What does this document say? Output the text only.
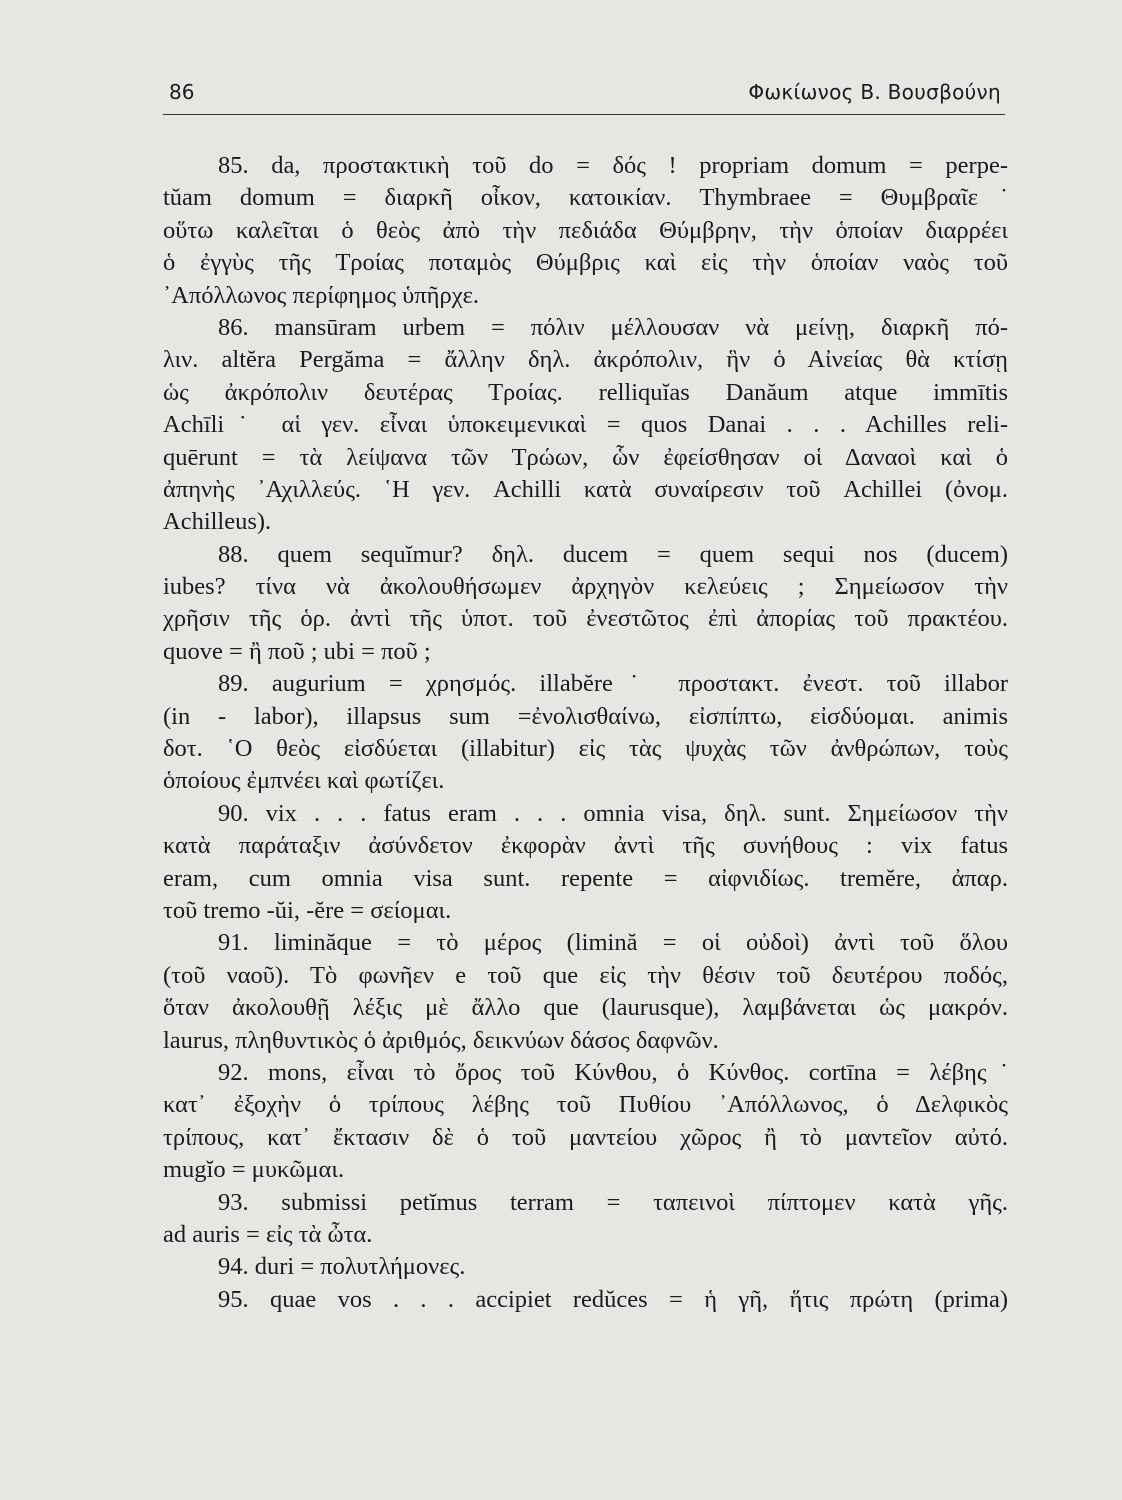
86	Φωκίωνος Β. Βουσβούνη
85. da, προστακτικὴ τοῦ do = δός ! propriam domum = perpe-
tŭam domum = διαρκῆ οἶκον, κατοικίαν. Thymbraee = Θυμβραῖε˙
οὕτω καλεῖται ὁ θεὸς ἀπὸ τὴν πεδιάδα Θύμβρην, τὴν ὁποίαν διαρρέει
ὁ ἐγγὺς τῆς Τροίας ποταμὸς Θύμβρις καὶ εἰς τὴν ὁποίαν ναὸς τοῦ
᾿Απόλλωνος περίφημος ὑπῆρχε.
86. mansūram urbem = πόλιν μέλλουσαν νὰ μείνῃ, διαρκῆ πό-
λιν. altĕra Pergăma = ἄλλην δηλ. ἀκρόπολιν, ἣν ὁ Αἰνείας θὰ κτίσῃ
ὡς ἀκρόπολιν δευτέρας Τροίας. relliquĭas Danăum atque immītis
Achīli˙ αἱ γεν. εἶναι ὑποκειμενικαὶ = quos Danai . . . Achilles reli-
quērunt = τὰ λείψανα τῶν Τρώων, ὧν ἐφείσθησαν οἱ Δαναοὶ καὶ ὁ
ἀπηνὴς ᾿Αχιλλεύς. ῾Η γεν. Achilli κατὰ συναίρεσιν τοῦ Achillei (ὀνομ.
Achilleus).
88. quem sequĭmur? δηλ. ducem = quem sequi nos (ducem)
iubes? τίνα νὰ ἀκολουθήσωμεν ἀρχηγὸν κελεύεις ; Σημείωσον τὴν
χρῆσιν τῆς ὁρ. ἀντὶ τῆς ὑποτ. τοῦ ἐνεστῶτος ἐπὶ ἀπορίας τοῦ πρακτέου.
quove = ἢ ποῦ ; ubi = ποῦ ;
89. augurium = χρησμός. illabĕre˙ προστακτ. ἐνεστ. τοῦ illabor
(in - labor), illapsus sum =ἐνολισθαίνω, εἰσπίπτω, εἰσδύομαι. animis
δοτ. ῾Ο θεὸς εἰσδύεται (illabitur) εἰς τὰς ψυχὰς τῶν ἀνθρώπων, τοὺς
ὁποίους ἐμπνέει καὶ φωτίζει.
90. vix . . . fatus eram . . . omnia visa, δηλ. sunt. Σημείωσον τὴν
κατὰ παράταξιν ἀσύνδετον ἐκφορὰν ἀντὶ τῆς συνήθους : vix fatus
eram, cum omnia visa sunt. repente = αἰφνιδίως. tremĕre, ἀπαρ.
τοῦ tremo -ŭi, -ĕre = σείομαι.
91. liminăque = τὸ μέρος (limină = οἱ οὐδοὶ) ἀντὶ τοῦ ὅλου
(τοῦ ναοῦ). Τὸ φωνῆεν e τοῦ que εἰς τὴν θέσιν τοῦ δευτέρου ποδός,
ὅταν ἀκολουθῇ λέξις μὲ ἄλλο que (laurusque), λαμβάνεται ὡς μακρόν.
laurus, πληθυντικὸς ὁ ἀριθμός, δεικνύων δάσος δαφνῶν.
92. mons, εἶναι τὸ ὄρος τοῦ Κύνθου, ὁ Κύνθος. cortīna = λέβης˙
κατ᾿ ἐξοχὴν ὁ τρίπους λέβης τοῦ Πυθίου ᾿Απόλλωνος, ὁ Δελφικὸς
τρίπους, κατ᾿ ἔκτασιν δὲ ὁ τοῦ μαντείου χῶρος ἢ τὸ μαντεῖον αὐτό.
mugĭo = μυκῶμαι.
93. submissi petĭmus terram = ταπεινοὶ πίπτομεν κατὰ γῆς.
ad auris = εἰς τὰ ὦτα.
94. duri = πολυτλήμονες.
95. quae vos . . . accipiet redŭces = ἡ γῆ, ἥτις πρώτη (prima)
